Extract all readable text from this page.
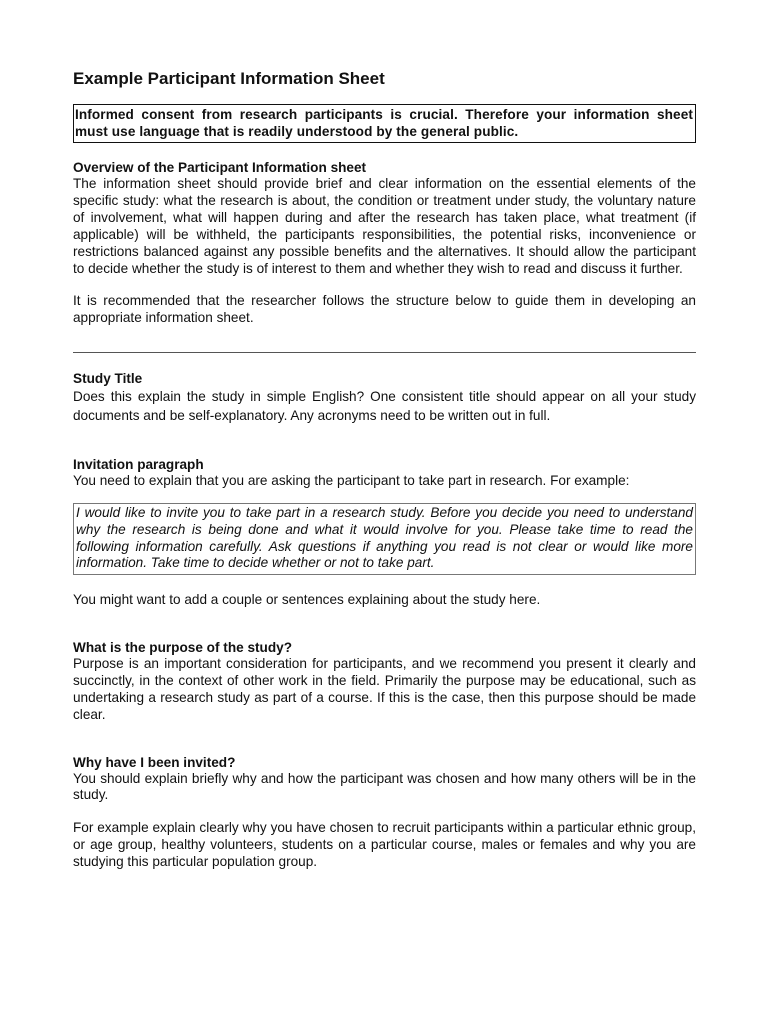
Example Participant Information Sheet
Informed consent from research participants is crucial. Therefore your information sheet must use language that is readily understood by the general public.
Overview of the Participant Information sheet

The information sheet should provide brief and clear information on the essential elements of the specific study: what the research is about, the condition or treatment under study, the voluntary nature of involvement, what will happen during and after the research has taken place, what treatment (if applicable) will be withheld, the participants responsibilities, the potential risks, inconvenience or restrictions balanced against any possible benefits and the alternatives. It should allow the participant to decide whether the study is of interest to them and whether they wish to read and discuss it further.

It is recommended that the researcher follows the structure below to guide them in developing an appropriate information sheet.

Study Title

Does this explain the study in simple English? One consistent title should appear on all your study documents and be self-explanatory. Any acronyms need to be written out in full.

Invitation paragraph

You need to explain that you are asking the participant to take part in research. For example:

I would like to invite you to take part in a research study. Before you decide you need to understand why the research is being done and what it would involve for you. Please take time to read the following information carefully. Ask questions if anything you read is not clear or would like more information. Take time to decide whether or not to take part.

You might want to add a couple or sentences explaining about the study here.

What is the purpose of the study?

Purpose is an important consideration for participants, and we recommend you present it clearly and succinctly, in the context of other work in the field. Primarily the purpose may be educational, such as undertaking a research study as part of a course. If this is the case, then this purpose should be made clear.

Why have I been invited?

You should explain briefly why and how the participant was chosen and how many others will be in the study.

For example explain clearly why you have chosen to recruit participants within a particular ethnic group, or age group, healthy volunteers, students on a particular course, males or females and why you are studying this particular population group.
